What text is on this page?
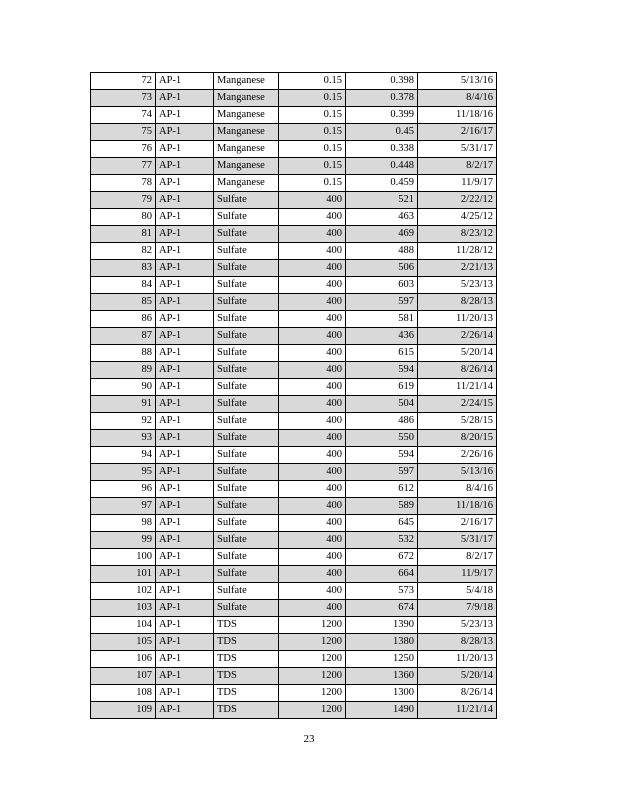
72	AP-1	Manganese	0.15	0.398	5/13/16
73	AP-1	Manganese	0.15	0.378	8/4/16
74	AP-1	Manganese	0.15	0.399	11/18/16
75	AP-1	Manganese	0.15	0.45	2/16/17
76	AP-1	Manganese	0.15	0.338	5/31/17
77	AP-1	Manganese	0.15	0.448	8/2/17
78	AP-1	Manganese	0.15	0.459	11/9/17
79	AP-1	Sulfate	400	521	2/22/12
80	AP-1	Sulfate	400	463	4/25/12
81	AP-1	Sulfate	400	469	8/23/12
82	AP-1	Sulfate	400	488	11/28/12
83	AP-1	Sulfate	400	506	2/21/13
84	AP-1	Sulfate	400	603	5/23/13
85	AP-1	Sulfate	400	597	8/28/13
86	AP-1	Sulfate	400	581	11/20/13
87	AP-1	Sulfate	400	436	2/26/14
88	AP-1	Sulfate	400	615	5/20/14
89	AP-1	Sulfate	400	594	8/26/14
90	AP-1	Sulfate	400	619	11/21/14
91	AP-1	Sulfate	400	504	2/24/15
92	AP-1	Sulfate	400	486	5/28/15
93	AP-1	Sulfate	400	550	8/20/15
94	AP-1	Sulfate	400	594	2/26/16
95	AP-1	Sulfate	400	597	5/13/16
96	AP-1	Sulfate	400	612	8/4/16
97	AP-1	Sulfate	400	589	11/18/16
98	AP-1	Sulfate	400	645	2/16/17
99	AP-1	Sulfate	400	532	5/31/17
100	AP-1	Sulfate	400	672	8/2/17
101	AP-1	Sulfate	400	664	11/9/17
102	AP-1	Sulfate	400	573	5/4/18
103	AP-1	Sulfate	400	674	7/9/18
104	AP-1	TDS	1200	1390	5/23/13
105	AP-1	TDS	1200	1380	8/28/13
106	AP-1	TDS	1200	1250	11/20/13
107	AP-1	TDS	1200	1360	5/20/14
108	AP-1	TDS	1200	1300	8/26/14
109	AP-1	TDS	1200	1490	11/21/14
23
